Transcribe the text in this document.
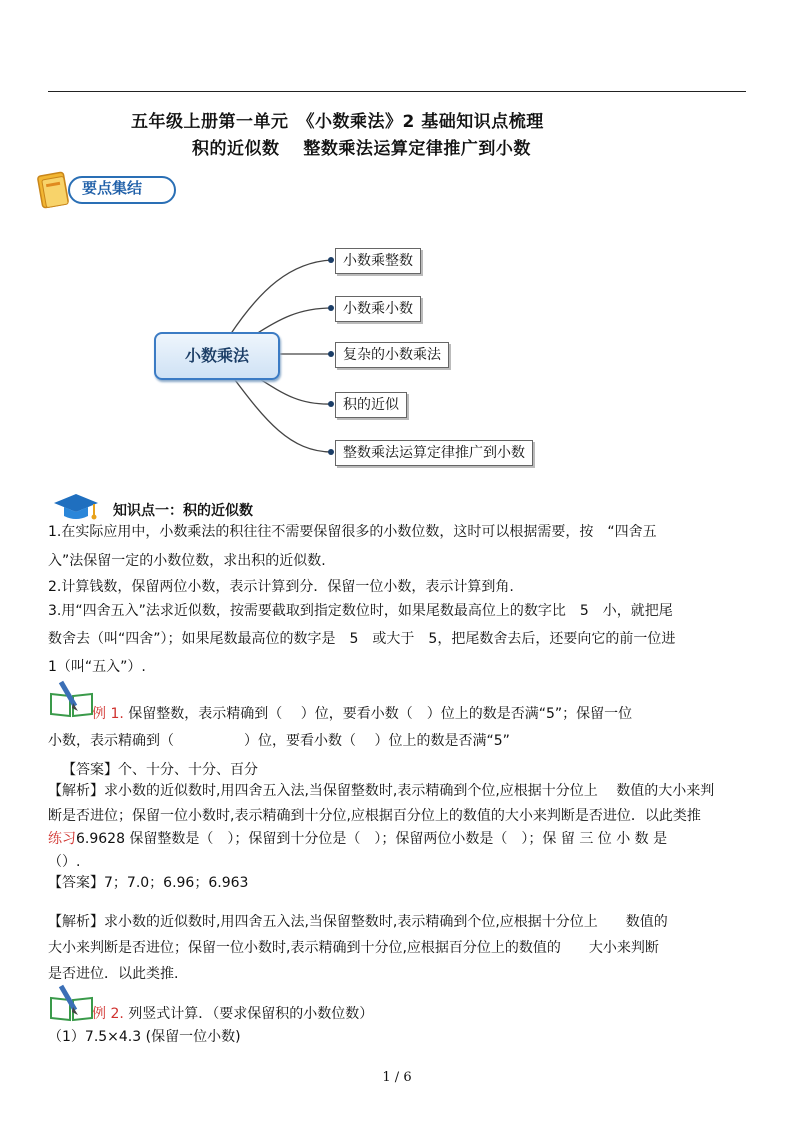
五年级上册第一单元　《小数乘法》2 基础知识点梳理
积的近似数　 整数乘法运算定律推广到小数
要点集结
小数乘法
小数乘整数
小数乘小数
复杂的小数乘法
积的近似
整数乘法运算定律推广到小数
知识点一：积的近似数
1.在实际应用中，小数乘法的积往往不需要保留很多的小数位数，这时可以根据需要，按　“四舍五
入”法保留一定的小数位数，求出积的近似数.
2.计算钱数，保留两位小数，表示计算到分．保留一位小数，表示计算到角.
3.用“四舍五入”法求近似数，按需要截取到指定数位时，如果尾数最高位上的数字比　5　小，就把尾
数舍去（叫“四舍”）；如果尾数最高位的数字是　5　或大于　5，把尾数舍去后，还要向它的前一位进
1（叫“五入”）.
例 1. 保留整数，表示精确到（　 ）位，要看小数（　）位上的数是否满“5”；保留一位
小数，表示精确到（　　　　　）位，要看小数（　 ）位上的数是否满“5”
【答案】个、十分、十分、百分
【解析】求小数的近似数时,用四舍五入法,当保留整数时,表示精确到个位,应根据十分位上　 数值的大小来判
断是否进位；保留一位小数时,表示精确到十分位,应根据百分位上的数值的大小来判断是否进位．以此类推
练习6.9628 保留整数是（　）；保留到十分位是（　）；保留两位小数是（　）；保 留 三 位 小 数 是
（）.
【答案】7；7.0；6.96；6.963
【解析】求小数的近似数时,用四舍五入法,当保留整数时,表示精确到个位,应根据十分位上　　数值的
大小来判断是否进位；保留一位小数时,表示精确到十分位,应根据百分位上的数值的　　大小来判断
是否进位．以此类推.
例 2. 列竖式计算．（要求保留积的小数位数）
（1）7.5×4.3 (保留一位小数)
1 / 6
